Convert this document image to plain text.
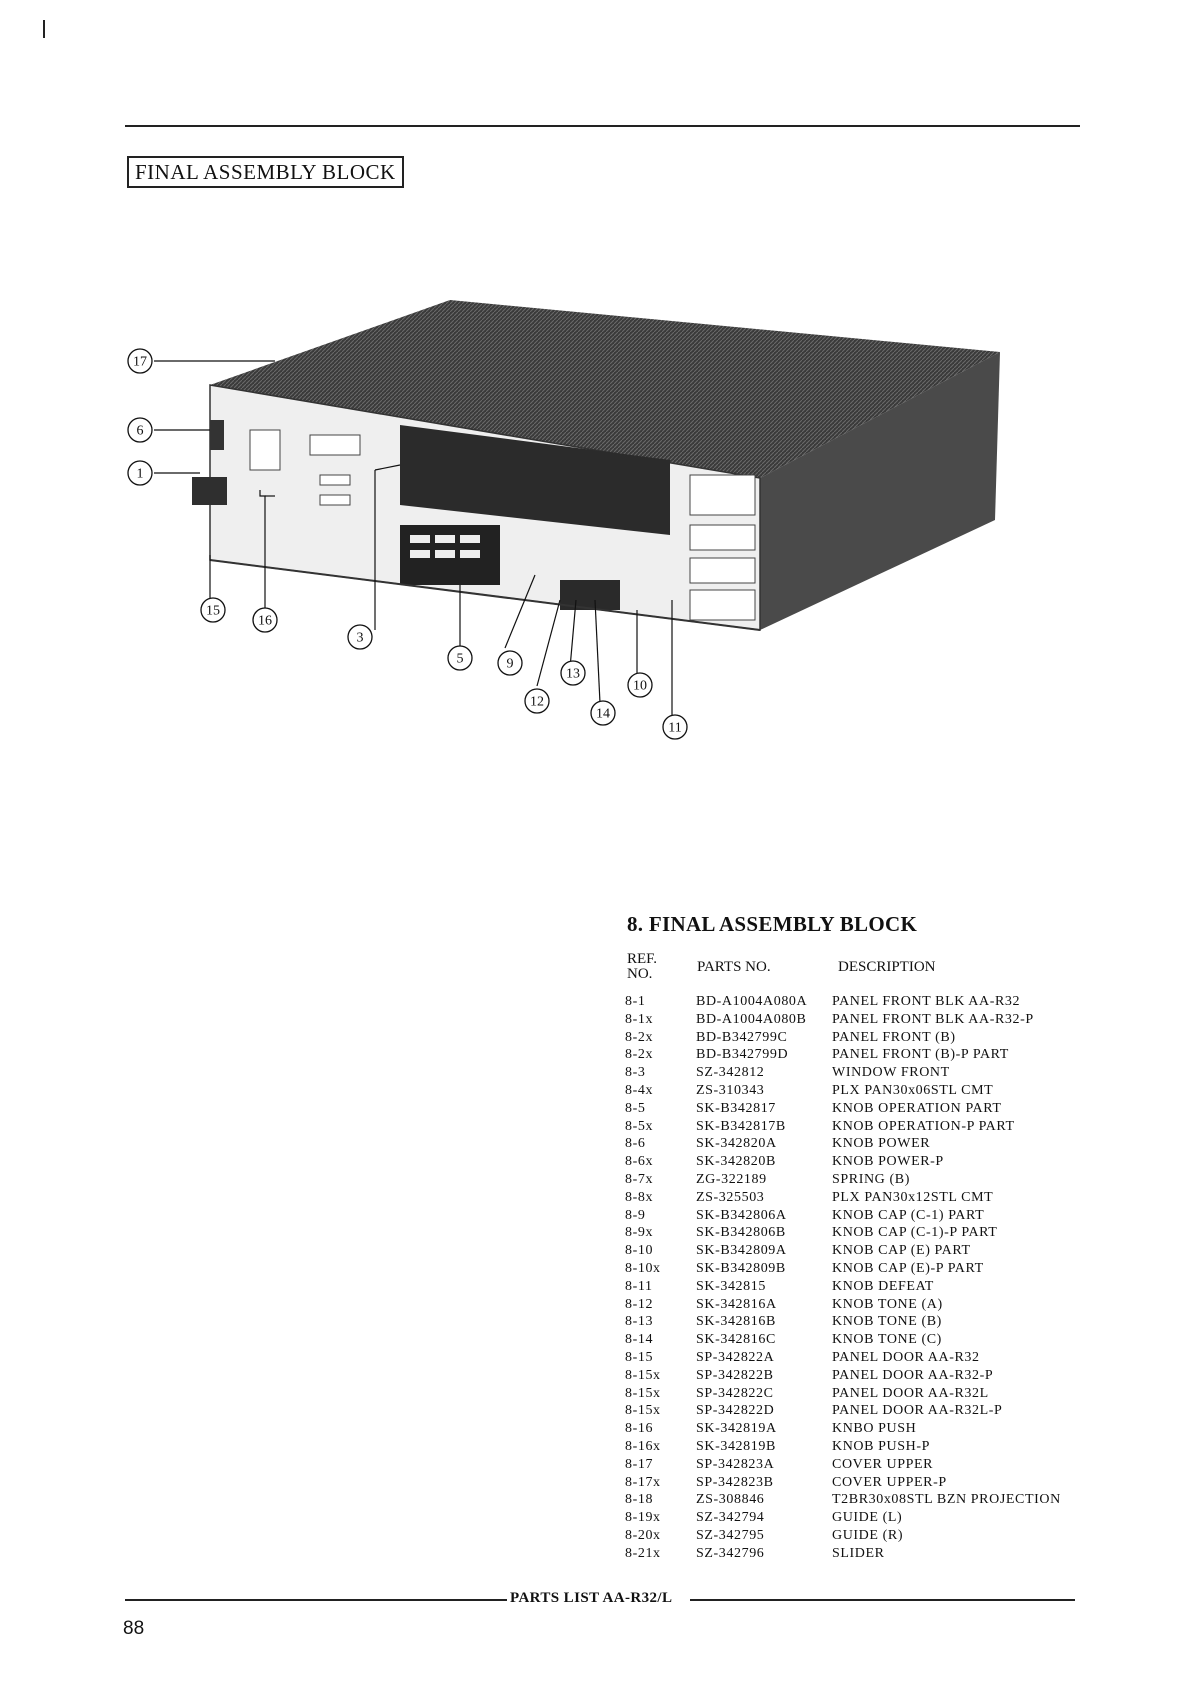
FINAL ASSEMBLY BLOCK
17
6
1
15
16
3
5	9
12
13
14
10
11
8. FINAL ASSEMBLY BLOCK
REF.
NO.	PARTS NO.	DESCRIPTION
8-1	BD-A1004A080A	PANEL FRONT BLK AA-R32
8-1x	BD-A1004A080B	PANEL FRONT BLK AA-R32-P
8-2x	BD-B342799C	PANEL FRONT (B)
8-2x	BD-B342799D	PANEL FRONT (B)-P PART
8-3	SZ-342812	WINDOW FRONT
8-4x	ZS-310343	PLX PAN30x06STL CMT
8-5	SK-B342817	KNOB OPERATION PART
8-5x	SK-B342817B	KNOB OPERATION-P PART
8-6	SK-342820A	KNOB POWER
8-6x	SK-342820B	KNOB POWER-P
8-7x	ZG-322189	SPRING (B)
8-8x	ZS-325503	PLX PAN30x12STL CMT
8-9	SK-B342806A	KNOB CAP (C-1) PART
8-9x	SK-B342806B	KNOB CAP (C-1)-P PART
8-10	SK-B342809A	KNOB CAP (E) PART
8-10x	SK-B342809B	KNOB CAP (E)-P PART
8-11	SK-342815	KNOB DEFEAT
8-12	SK-342816A	KNOB TONE (A)
8-13	SK-342816B	KNOB TONE (B)
8-14	SK-342816C	KNOB TONE (C)
8-15	SP-342822A	PANEL DOOR AA-R32
8-15x	SP-342822B	PANEL DOOR AA-R32-P
8-15x	SP-342822C	PANEL DOOR AA-R32L
8-15x	SP-342822D	PANEL DOOR AA-R32L-P
8-16	SK-342819A	KNBO PUSH
8-16x	SK-342819B	KNOB PUSH-P
8-17	SP-342823A	COVER UPPER
8-17x	SP-342823B	COVER UPPER-P
8-18	ZS-308846	T2BR30x08STL BZN PROJECTION
8-19x	SZ-342794	GUIDE (L)
8-20x	SZ-342795	GUIDE (R)
8-21x	SZ-342796	SLIDER
PARTS LIST AA-R32/L
88
